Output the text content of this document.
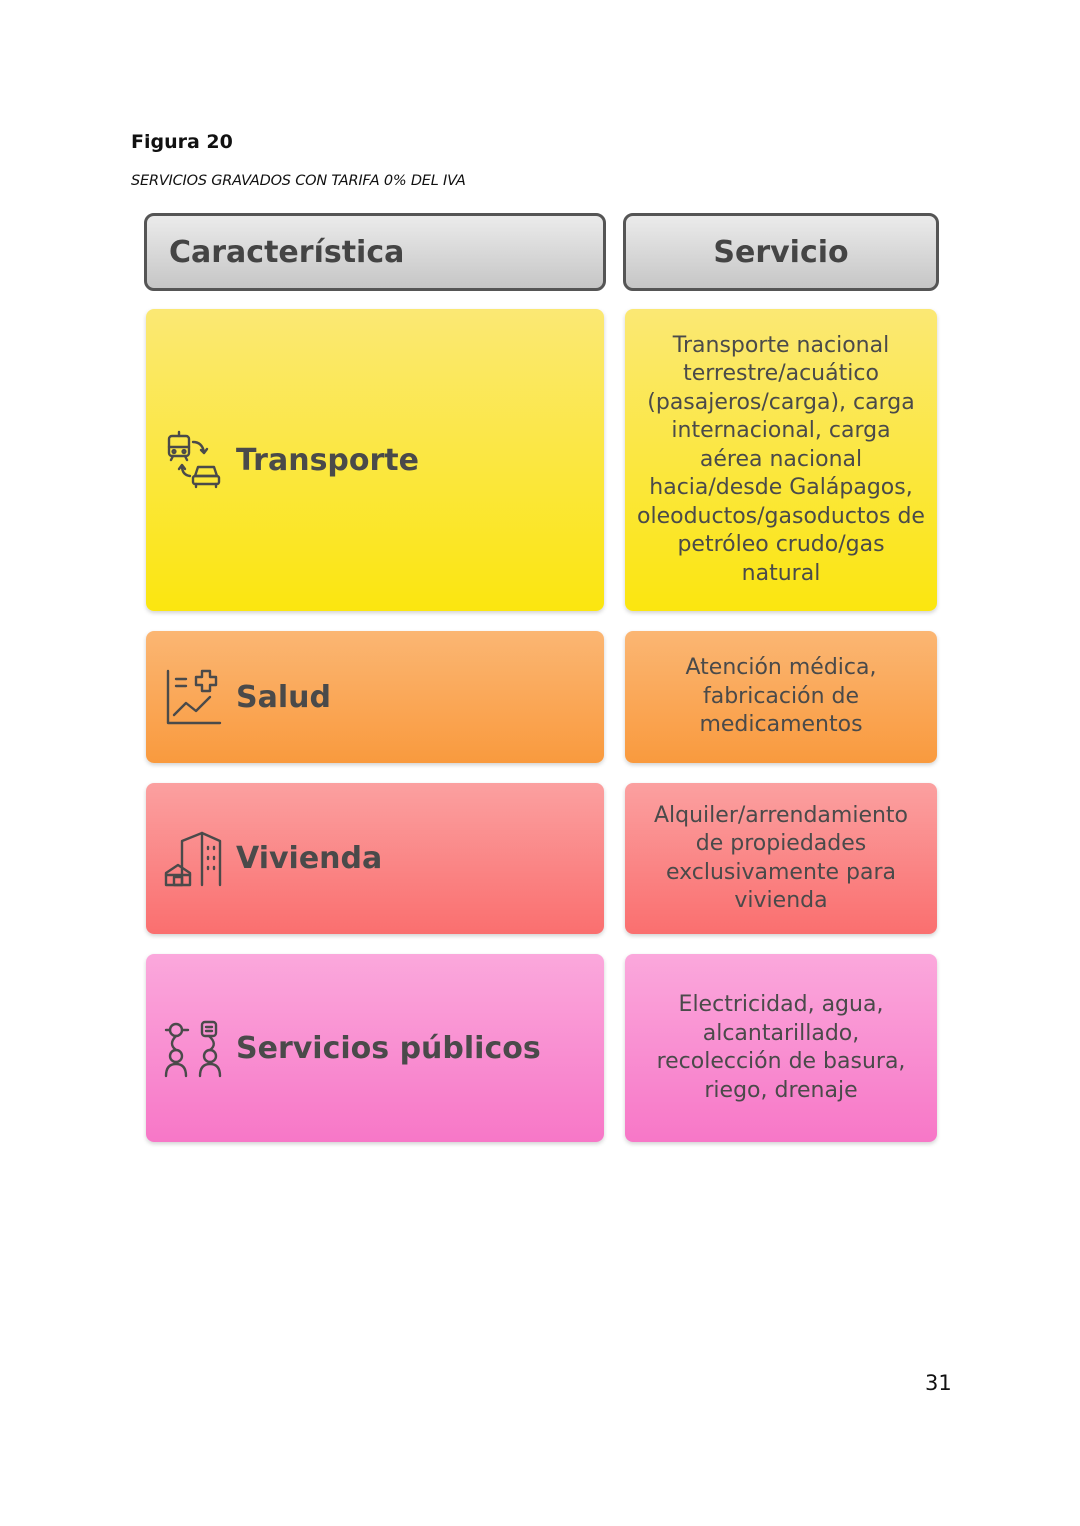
Figura 20
SERVICIOS GRAVADOS CON TARIFA 0% DEL IVA
Característica	Servicio
Transporte
Transporte nacional terrestre/acuático (pasajeros/carga), carga internacional, carga aérea nacional hacia/desde Galápagos, oleoductos/gasoductos de petróleo crudo/gas natural
Salud
Atención médica, fabricación de medicamentos
Vivienda
Alquiler/arrendamiento de propiedades exclusivamente para vivienda
Servicios públicos
Electricidad, agua, alcantarillado, recolección de basura, riego, drenaje
31
